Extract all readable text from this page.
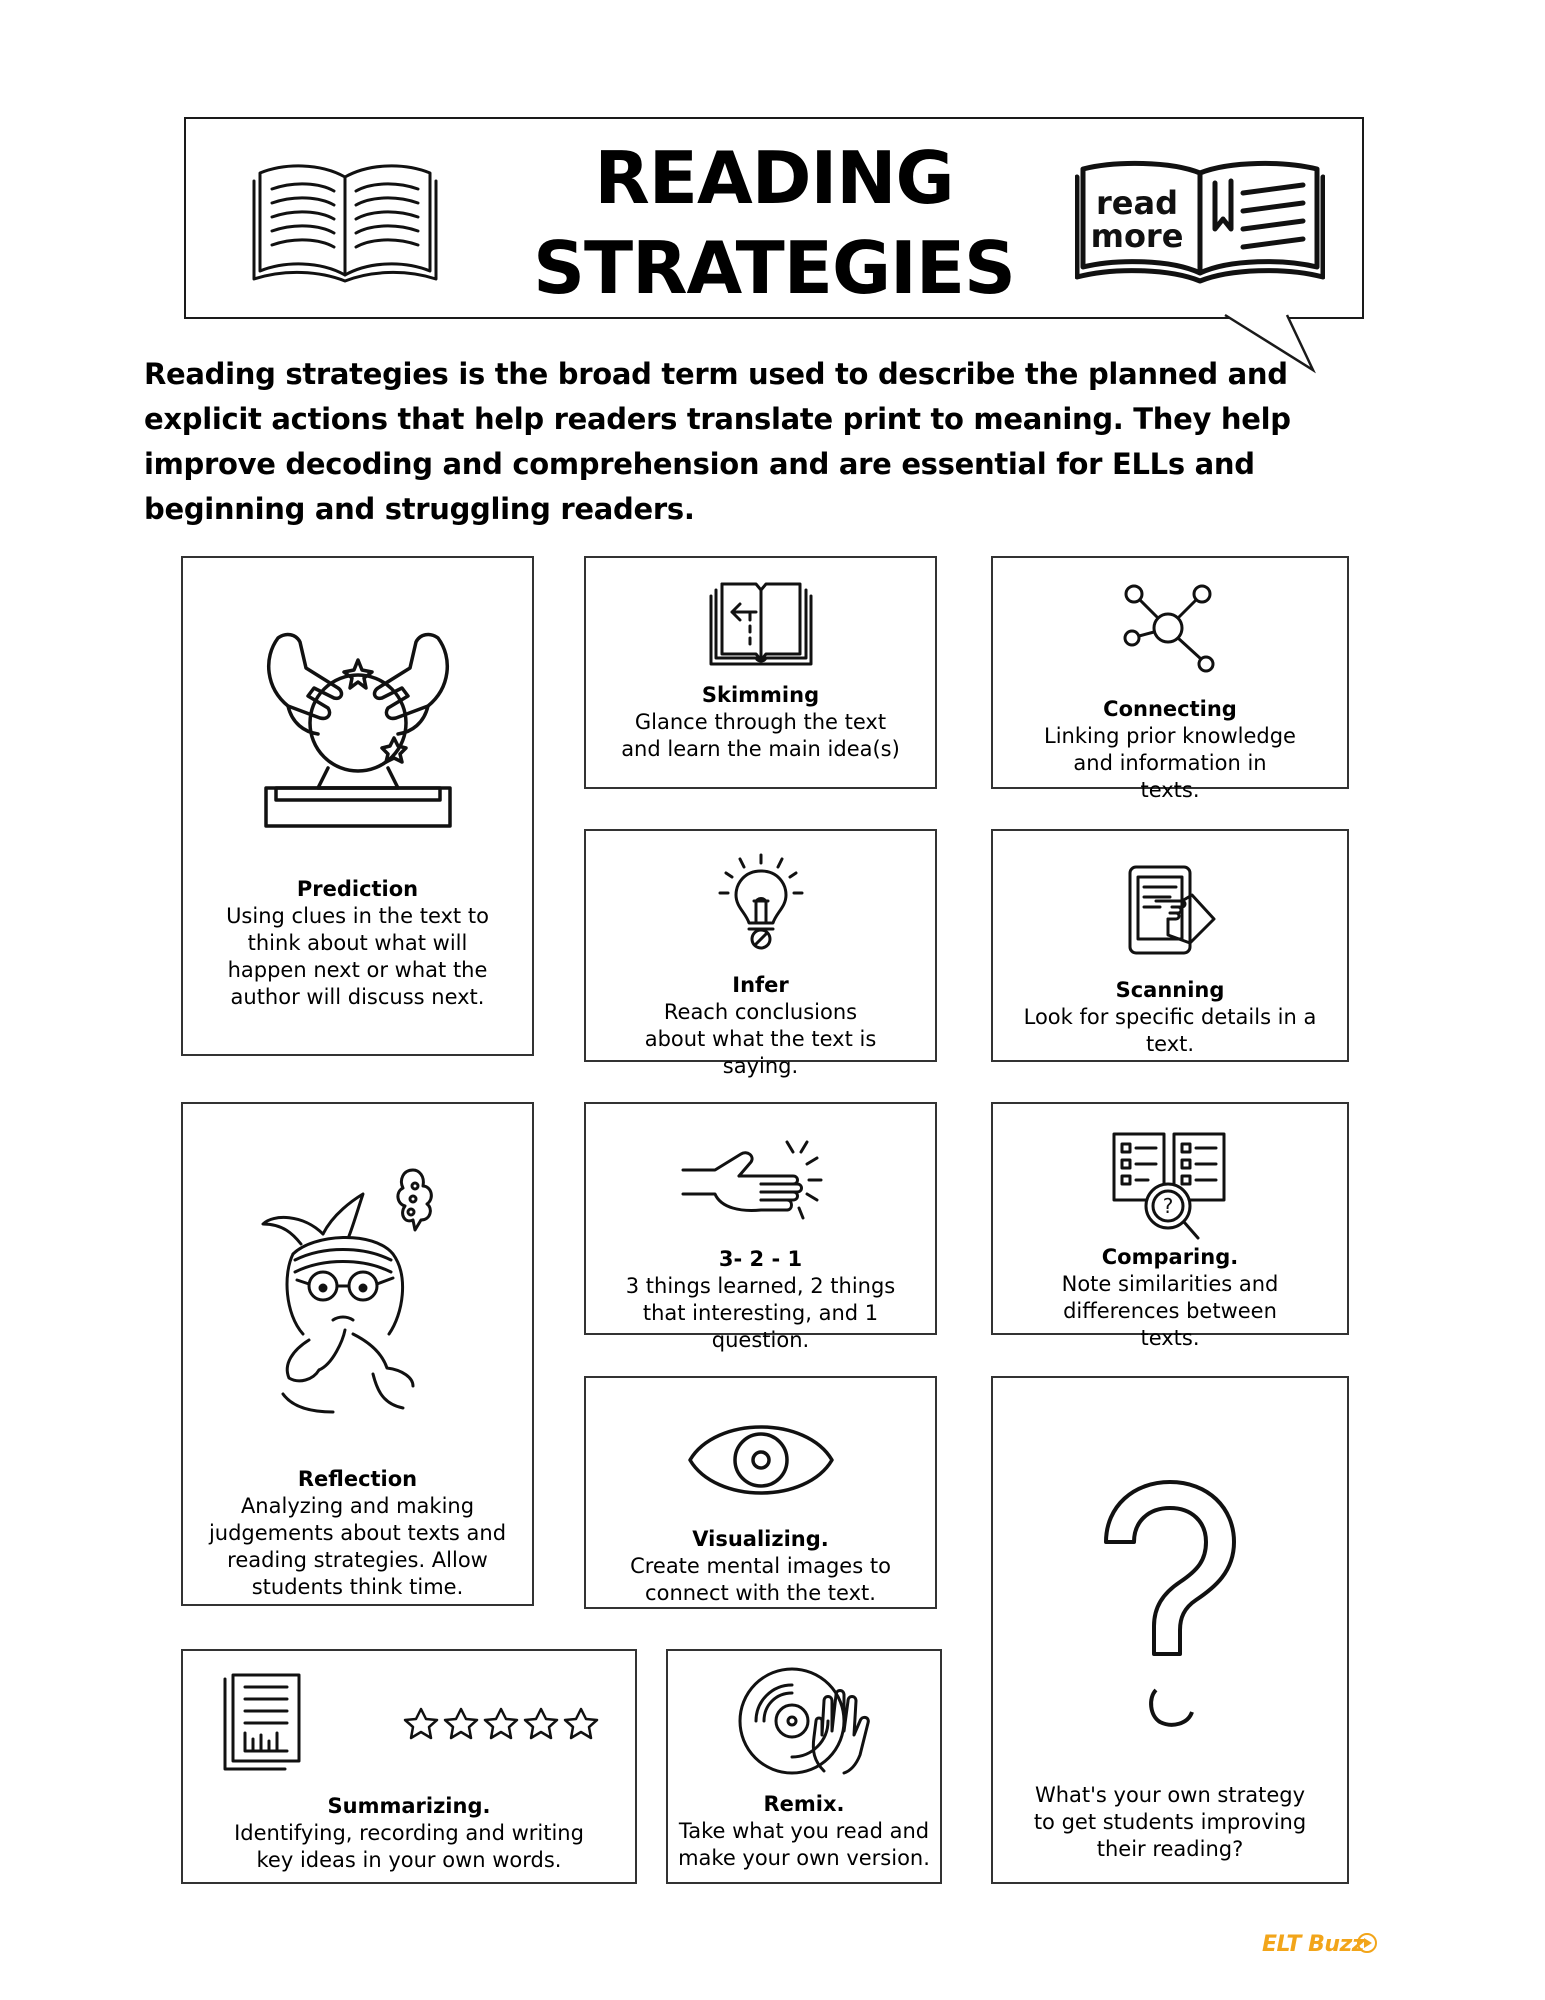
READING
STRATEGIES
read
more
Reading strategies is the broad term used to describe the planned and explicit actions that help readers translate print to meaning. They help improve decoding and comprehension and are essential for ELLs and beginning and struggling readers.
Prediction
Using clues in the text to think about what will happen next or what the author will discuss next.
Skimming
Glance through the text and learn the main idea(s)
Connecting
Linking prior knowledge and information in texts.
Infer
Reach conclusions about what the text is saying.
Scanning
Look for specific details in a text.
Reflection
Analyzing and making judgements about texts and reading strategies. Allow students think time.
3- 2 - 1
3 things learned, 2 things that interesting, and 1 question.
?
Comparing.
Note similarities and differences between texts.
Visualizing.
Create mental images to connect with the text.
What's your own strategy to get students improving their reading?
Summarizing.
Identifying, recording and writing key ideas in your own words.
Remix.
Take what you read and make your own version.
ELT Buzz
